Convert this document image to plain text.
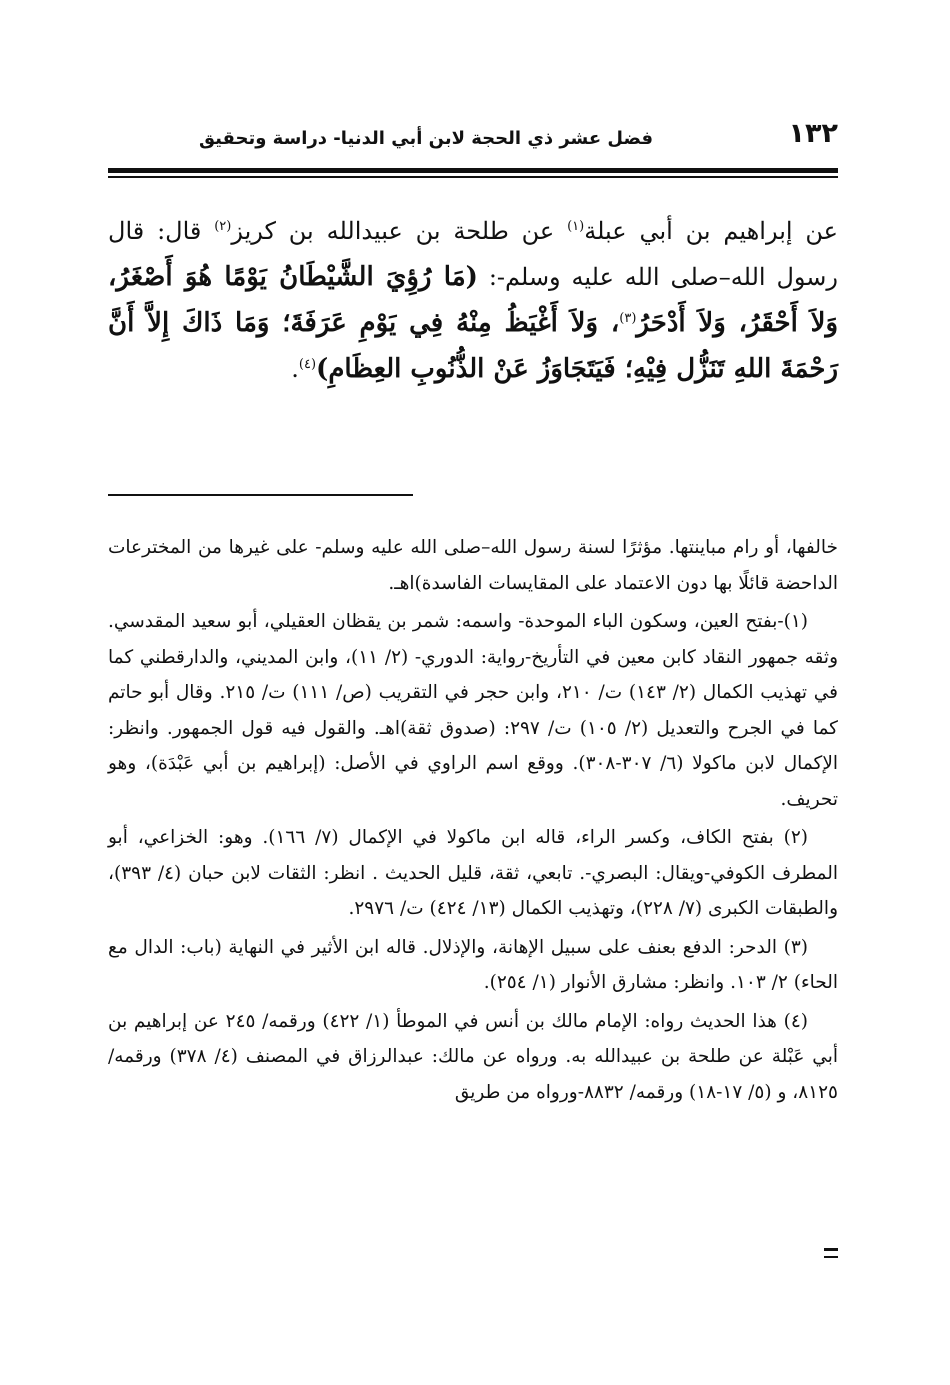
١٣٢
فضل عشر ذي الحجة لابن أبي الدنيا- دراسة وتحقيق
عن إبراهيم بن أبي عبلة$^{(١)}$ عن طلحة بن عبيدالله بن كريز$^{(٢)}$ قال: قال رسول الله–صلى الله عليه وسلم-: (مَا رُؤِيَ الشَّيْطَانُ يَوْمًا هُوَ أَصْغَرُ، وَلاَ أَحْقَرُ، وَلاَ أَدْحَرُ$^{(٣)}$، وَلاَ أَغْيَظُ مِنْهُ فِي يَوْمِ عَرَفَةَ؛ وَمَا ذَاكَ إِلاَّ أَنَّ رَحْمَةَ اللهِ تَنَزُّل فِيْهِ؛ فَيَتَجَاوَزُ عَنْ الذُّنُوبِ العِظَامِ)$^{(٤)}$.

خالفها، أو رام مباينتها. مؤثرًا لسنة رسول الله–صلى الله عليه وسلم- على غيرها من المخترعات الداحضة قائلًا بها دون الاعتماد على المقايسات الفاسدة)اهـ.

(١)-بفتح العين، وسكون الباء الموحدة- واسمه: شمر بن يقظان العقيلي، أبو سعيد المقدسي. وثقه جمهور النقاد كابن معين في التأريخ-رواية: الدوري- (٢/ ١١)، وابن المديني، والدارقطني كما في تهذيب الكمال (٢/ ١٤٣) ت/ ٢١٠، وابن حجر في التقريب (ص/ ١١١) ت/ ٢١٥. وقال أبو حاتم كما في الجرح والتعديل (٢/ ١٠٥) ت/ ٢٩٧: (صدوق ثقة)اهـ. والقول فيه قول الجمهور. وانظر: الإكمال لابن ماكولا (٦/ ٣٠٧-٣٠٨). ووقع اسم الراوي في الأصل: (إبراهيم بن أبي عَبْدَة)، وهو تحريف.

(٢) بفتح الكاف، وكسر الراء، قاله ابن ماكولا في الإكمال (٧/ ١٦٦). وهو: الخزاعي، أبو المطرف الكوفي-ويقال: البصري-. تابعي، ثقة، قليل الحديث . انظر: الثقات لابن حبان (٤/ ٣٩٣)، والطبقات الكبرى (٧/ ٢٢٨)، وتهذيب الكمال (١٣/ ٤٢٤) ت/ ٢٩٧٦.

(٣) الدحر: الدفع بعنف على سبيل الإهانة، والإذلال. قاله ابن الأثير في النهاية (باب: الدال مع الحاء) ٢/ ١٠٣. وانظر: مشارق الأنوار (١/ ٢٥٤).

(٤) هذا الحديث رواه: الإمام مالك بن أنس في الموطأ (١/ ٤٢٢) ورقمه/ ٢٤٥ عن إبراهيم بن أبي عَبْلة عن طلحة بن عبيدالله به. ورواه عن مالك: عبدالرزاق في المصنف (٤/ ٣٧٨) ورقمه/ ٨١٢٥، و (٥/ ١٧-١٨) ورقمه/ ٨٨٣٢-ورواه من طريق
